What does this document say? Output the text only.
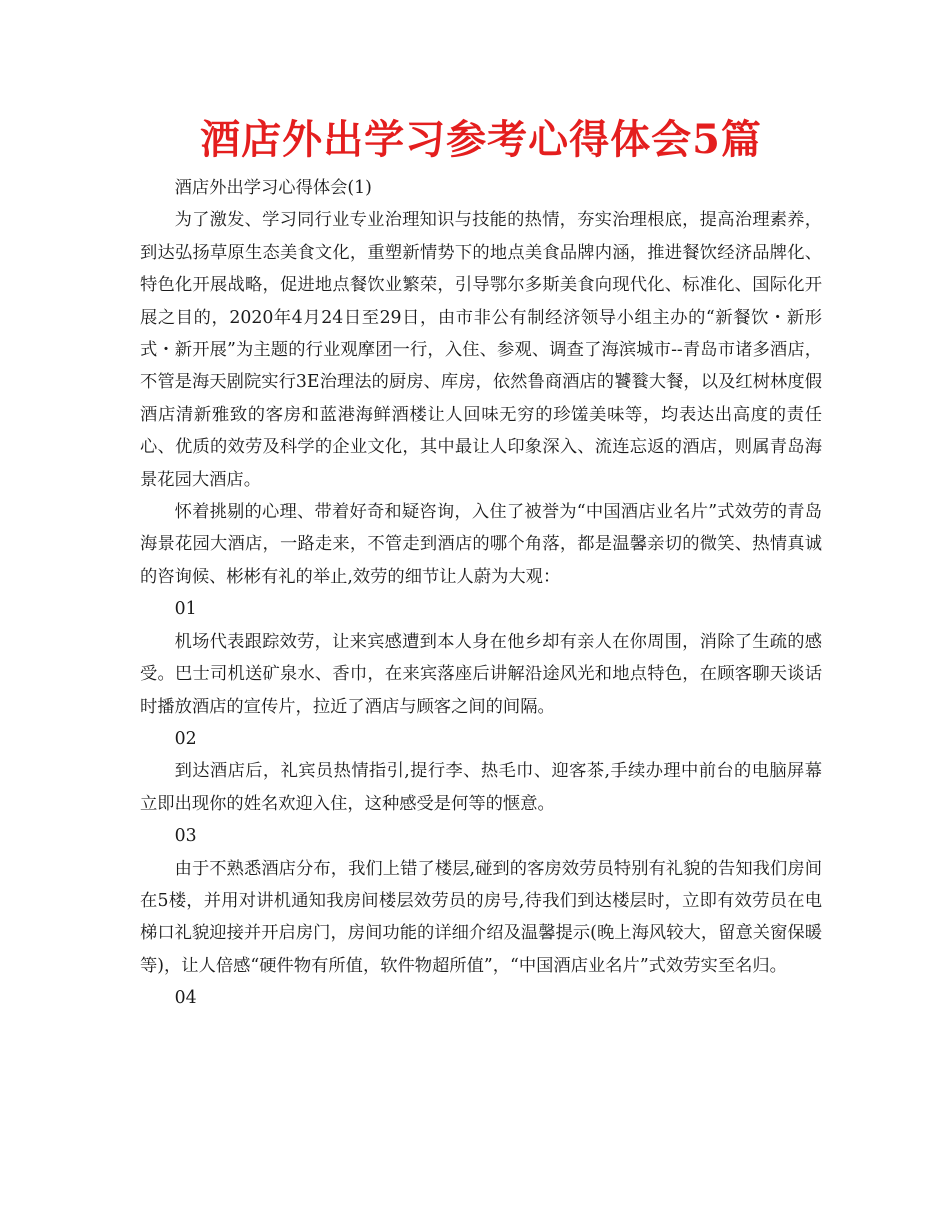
酒店外出学习参考心得体会5篇

酒店外出学习心得体会(1)

为了激发、学习同行业专业治理知识与技能的热情，夯实治理根底，提高治理素养，到达弘扬草原生态美食文化，重塑新情势下的地点美食品牌内涵，推进餐饮经济品牌化、特色化开展战略，促进地点餐饮业繁荣，引导鄂尔多斯美食向现代化、标准化、国际化开展之目的，2020年4月24日至29日，由市非公有制经济领导小组主办的“新餐饮・新形式・新开展”为主题的行业观摩团一行，入住、参观、调查了海滨城市--青岛市诸多酒店，不管是海天剧院实行3E治理法的厨房、库房，依然鲁商酒店的饕餮大餐，以及红树林度假酒店清新雅致的客房和蓝港海鲜酒楼让人回味无穷的珍馐美味等，均表达出高度的责任心、优质的效劳及科学的企业文化，其中最让人印象深入、流连忘返的酒店，则属青岛海景花园大酒店。

怀着挑剔的心理、带着好奇和疑咨询，入住了被誉为“中国酒店业名片”式效劳的青岛海景花园大酒店，一路走来，不管走到酒店的哪个角落，都是温馨亲切的微笑、热情真诚的咨询候、彬彬有礼的举止,效劳的细节让人蔚为大观：

01

机场代表跟踪效劳，让来宾感遭到本人身在他乡却有亲人在你周围，消除了生疏的感受。巴士司机送矿泉水、香巾，在来宾落座后讲解沿途风光和地点特色，在顾客聊天谈话时播放酒店的宣传片，拉近了酒店与顾客之间的间隔。

02

到达酒店后，礼宾员热情指引,提行李、热毛巾、迎客茶,手续办理中前台的电脑屏幕立即出现你的姓名欢迎入住，这种感受是何等的惬意。

03

由于不熟悉酒店分布，我们上错了楼层,碰到的客房效劳员特别有礼貌的告知我们房间在5楼，并用对讲机通知我房间楼层效劳员的房号,待我们到达楼层时，立即有效劳员在电梯口礼貌迎接并开启房门，房间功能的详细介绍及温馨提示(晚上海风较大，留意关窗保暖等)，让人倍感“硬件物有所值，软件物超所值”，“中国酒店业名片”式效劳实至名归。

04
